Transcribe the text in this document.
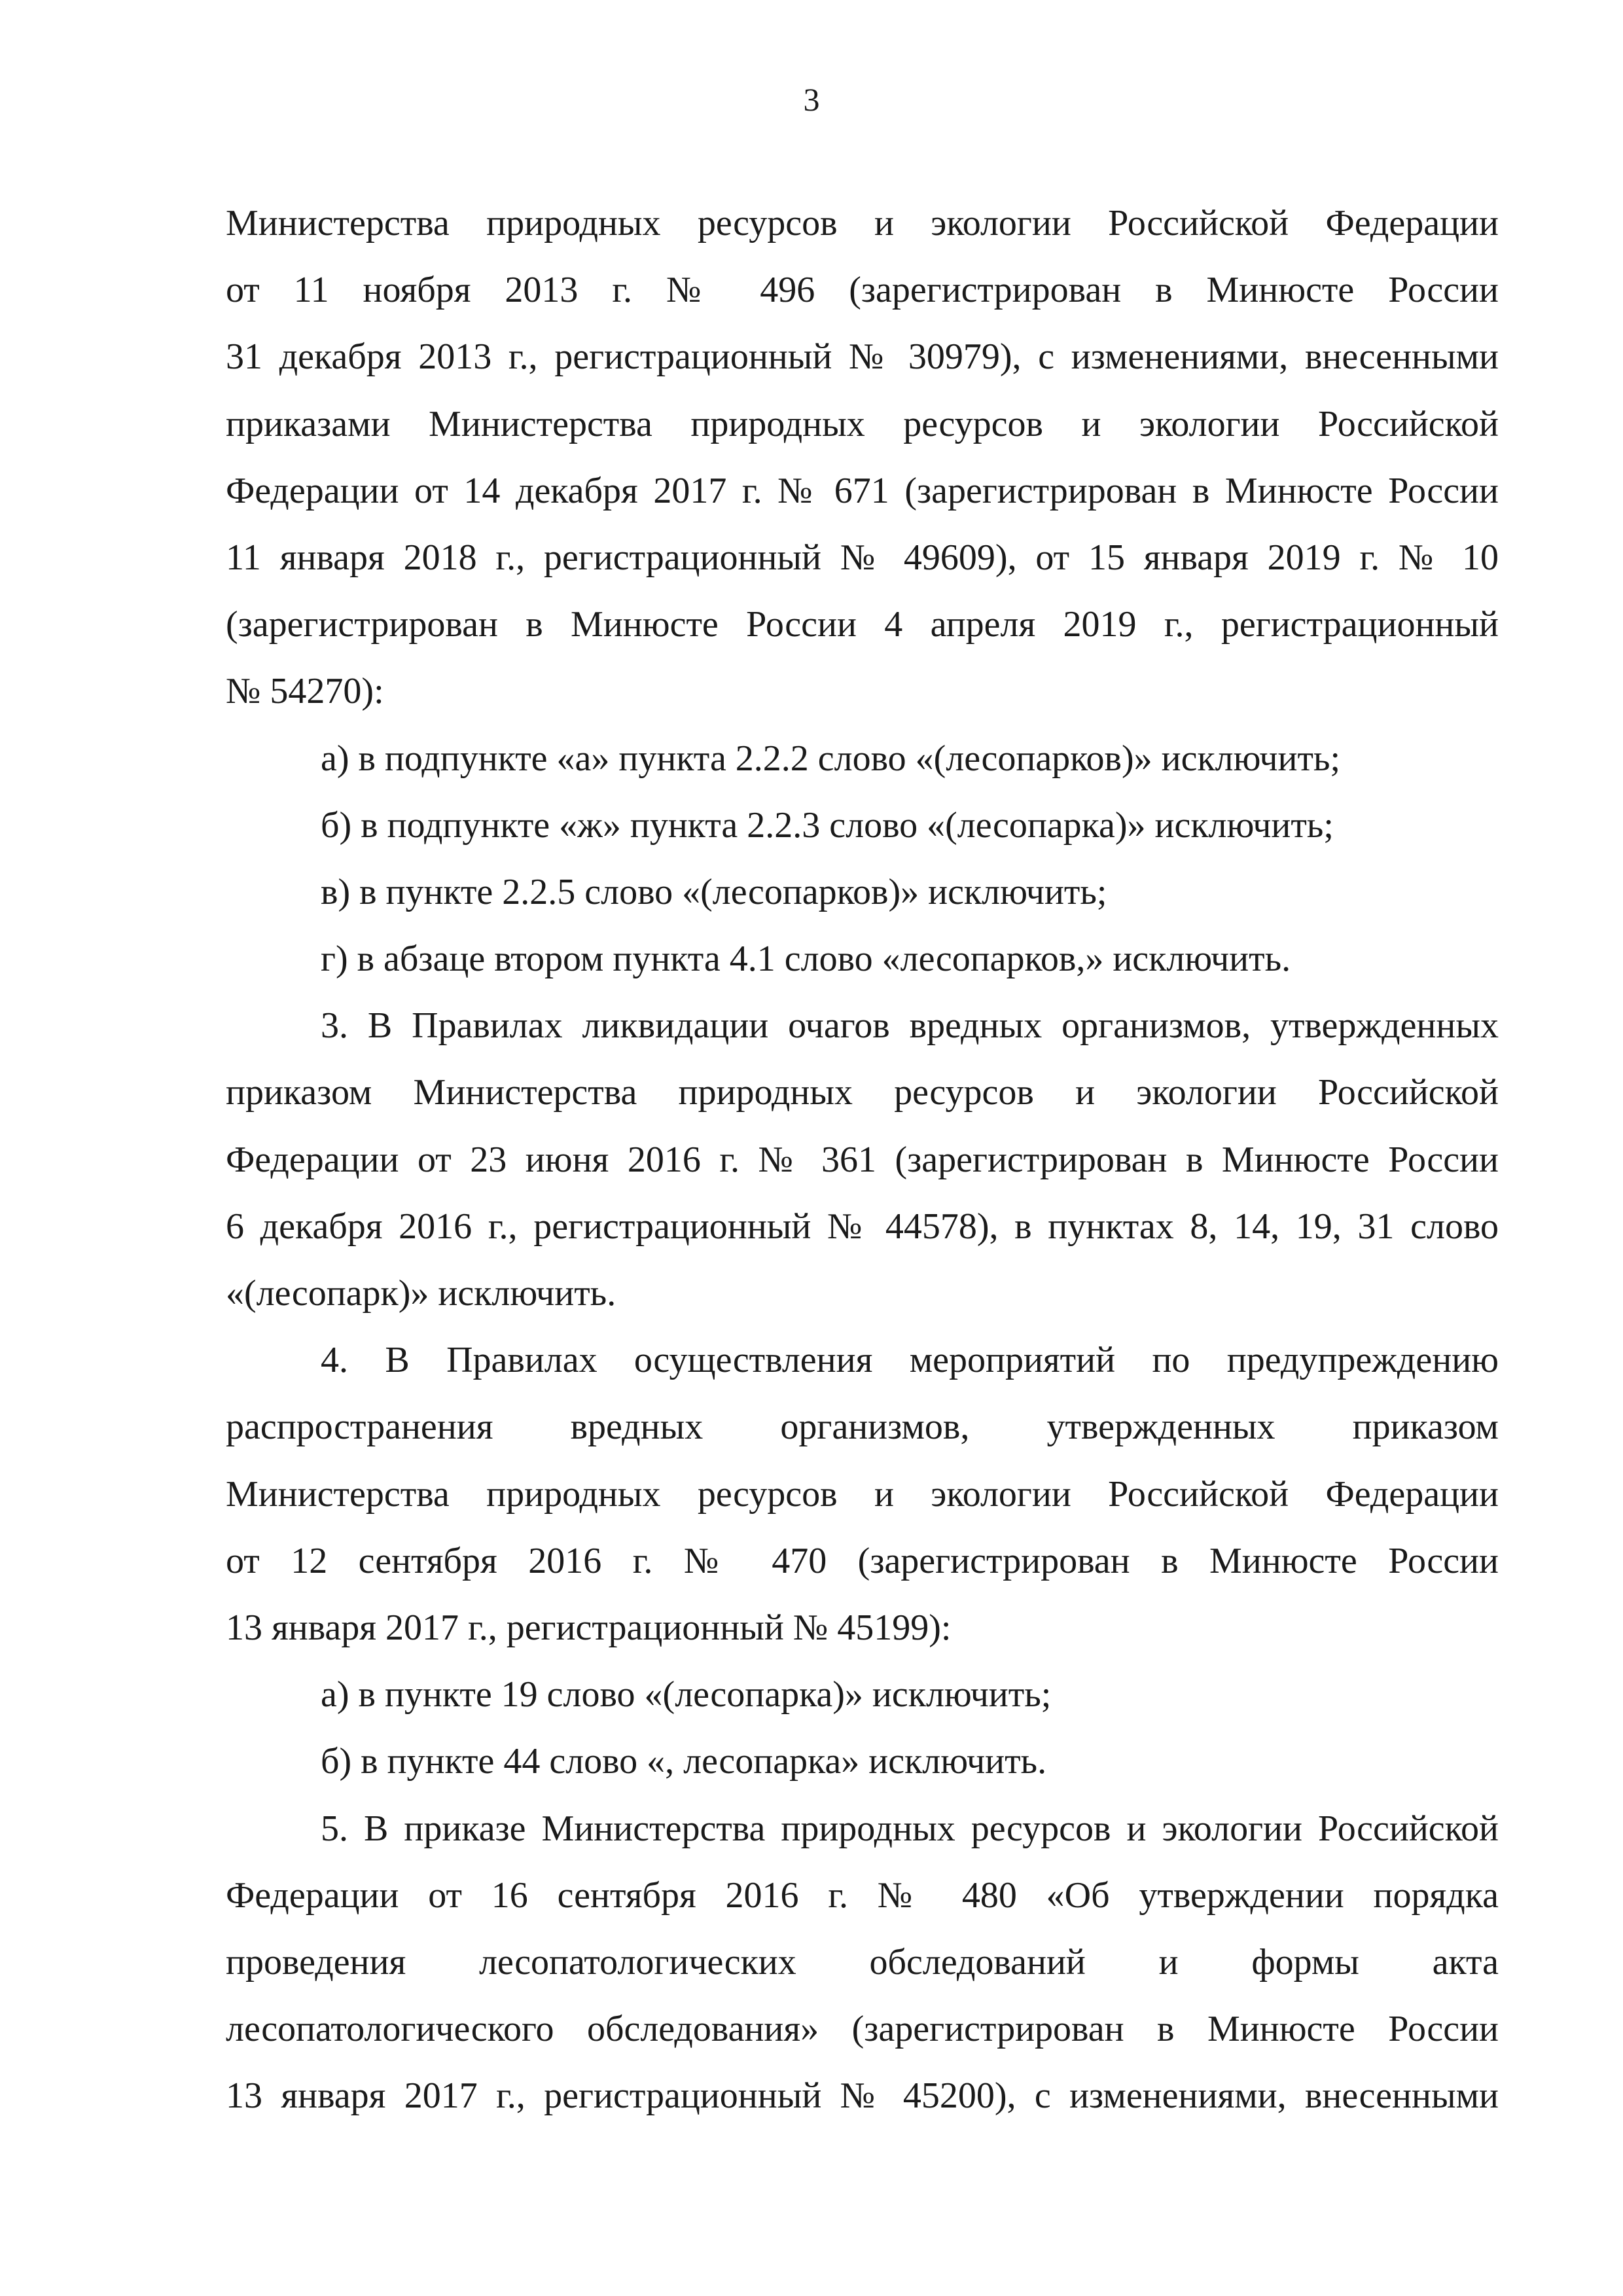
3
Министерства природных ресурсов и экологии Российской Федерации
от 11 ноября 2013 г. № 496 (зарегистрирован в Минюсте России
31 декабря 2013 г., регистрационный № 30979), с изменениями, внесенными
приказами Министерства природных ресурсов и экологии Российской
Федерации от 14 декабря 2017 г. № 671 (зарегистрирован в Минюсте России
11 января 2018 г., регистрационный № 49609), от 15 января 2019 г. № 10
(зарегистрирован в Минюсте России 4 апреля 2019 г., регистрационный
№ 54270):
а) в подпункте «а» пункта 2.2.2 слово «(лесопарков)» исключить;
б) в подпункте «ж» пункта 2.2.3 слово «(лесопарка)» исключить;
в) в пункте 2.2.5 слово «(лесопарков)» исключить;
г) в абзаце втором пункта 4.1 слово «лесопарков,» исключить.
3. В Правилах ликвидации очагов вредных организмов, утвержденных
приказом Министерства природных ресурсов и экологии Российской
Федерации от 23 июня 2016 г. № 361 (зарегистрирован в Минюсте России
6 декабря 2016 г., регистрационный № 44578), в пунктах 8, 14, 19, 31 слово
«(лесопарк)» исключить.
4. В Правилах осуществления мероприятий по предупреждению
распространения вредных организмов, утвержденных приказом
Министерства природных ресурсов и экологии Российской Федерации
от 12 сентября 2016 г. № 470 (зарегистрирован в Минюсте России
13 января 2017 г., регистрационный № 45199):
а) в пункте 19 слово «(лесопарка)» исключить;
б) в пункте 44 слово «, лесопарка» исключить.
5. В приказе Министерства природных ресурсов и экологии Российской
Федерации от 16 сентября 2016 г. № 480 «Об утверждении порядка
проведения лесопатологических обследований и формы акта
лесопатологического обследования» (зарегистрирован в Минюсте России
13 января 2017 г., регистрационный № 45200), с изменениями, внесенными
